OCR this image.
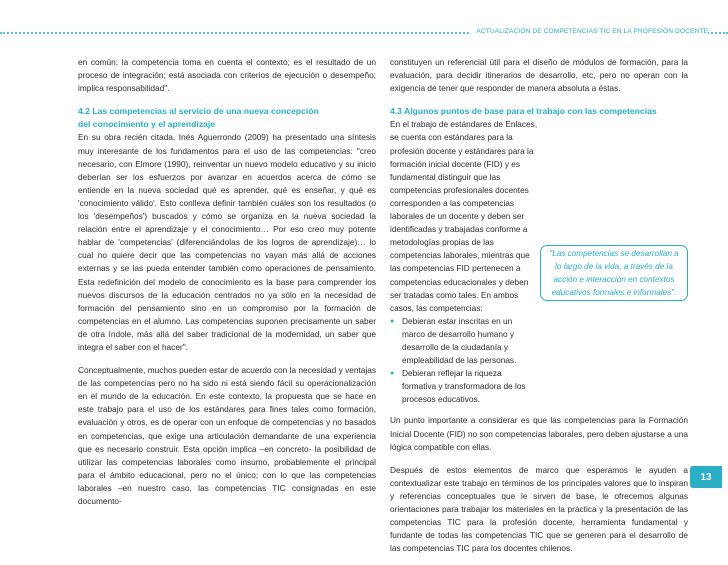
ACTUALIZACIÓN DE COMPETENCIAS TIC EN LA PROFESIÓN DOCENTE

en común: la competencia toma en cuenta el contexto; es el resultado de un proceso de integración; está asociada con criterios de ejecución o desempeño; implica responsabilidad".

4.2 Las competencias al servicio de una nueva concepción

del conocimiento y el aprendizaje

En su obra recién citada, Inés Aguerrondo (2009) ha presentado una síntesis muy interesante de los fundamentos para el uso de las competencias: "creo necesario, con Elmore (1990), reinventar un nuevo modelo educativo y su inicio deberían ser los esfuerzos por avanzar en acuerdos acerca de cómo se entiende en la nueva sociedad qué es aprender, qué es enseñar, y qué es 'conocimiento válido'. Esto conlleva definir también cuáles son los resultados (o los 'desempeños') buscados y cómo se organiza en la nueva sociedad la relación entre el aprendizaje y el conocimiento… Por eso creo muy potente hablar de 'competencias' (diferenciándolas de los logros de aprendizaje)… lo cual no quiere decir que las competencias no vayan más allá de acciones externas y se las pueda entender también como operaciones de pensamiento. Esta redefinición del modelo de conocimiento es la base para comprender los nuevos discursos de la educación centrados no ya sólo en la necesidad de formación del pensamiento sino en un compromiso por la formación de competencias en el alumno. Las competencias suponen precisamente un saber de otra índole, más allá del saber tradicional de la modernidad, un saber que integra el saber con el hacer".

Conceptualmente, muchos pueden estar de acuerdo con la necesidad y ventajas de las competencias pero no ha sido ni está siendo fácil su operacionalización en el mundo de la educación. En este contexto, la propuesta que se hace en este trabajo para el uso de los estándares para fines tales como formación, evaluación y otros, es de operar con un enfoque de competencias y no basados en competencias, que exige una articulación demandante de una experiencia que es necesario construir. Esta opción implica –en concreto- la posibilidad de utilizar las competencias laborales como insumo, probablemente el principal para el ámbito educacional, pero no el único; con lo que las competencias laborales –en nuestro caso, las competencias TIC consignadas en este documento-

constituyen un referencial útil para el diseño de módulos de formación, para la evaluación, para decidir itinerarios de desarrollo, etc, pero no operan con la exigencia de tener que responder de manera absoluta a éstas.

4.3 Algunos puntos de base para el trabajo con las competencias

En el trabajo de estándares de Enlaces, se cuenta con estándares para la profesión docente y estándares para la formación inicial docente (FID) y es fundamental distinguir que las competencias profesionales docentes corresponden a las competencias laborales de un docente y deben ser identificadas y trabajadas conforme a metodologías propias de las competencias laborales, mientras que las competencias FID pertenecen a competencias educacionales y deben ser tratadas como tales. En ambos casos, las competencias:

● Debieran estar inscritas en un marco de desarrollo humano y desarrollo de la ciudadanía y empleabilidad de las personas.
● Debieran reflejar la riqueza formativa y transformadora de los procesos educativos.

Un punto importante a considerar es que las competencias para la Formación Inicial Docente (FID) no son competencias laborales, pero deben ajustarse a una lógica compatible con ellas.

Después de estos elementos de marco que esperamos le ayuden a contextualizar este trabajo en términos de los principales valores que lo inspiran y referencias conceptuales que le sirven de base, le ofrecemos algunas orientaciones para trabajar los materiales en la práctica y la presentación de las competencias TIC para la profesión docente, herramienta fundamental y fundante de todas las competencias TIC que se generen para el desarrollo de las competencias TIC para los docentes chilenos.

"Las competencias se desarrollan a lo largo de la vida, a través de la acción e interacción en contextos educativos formales e informales".
13
